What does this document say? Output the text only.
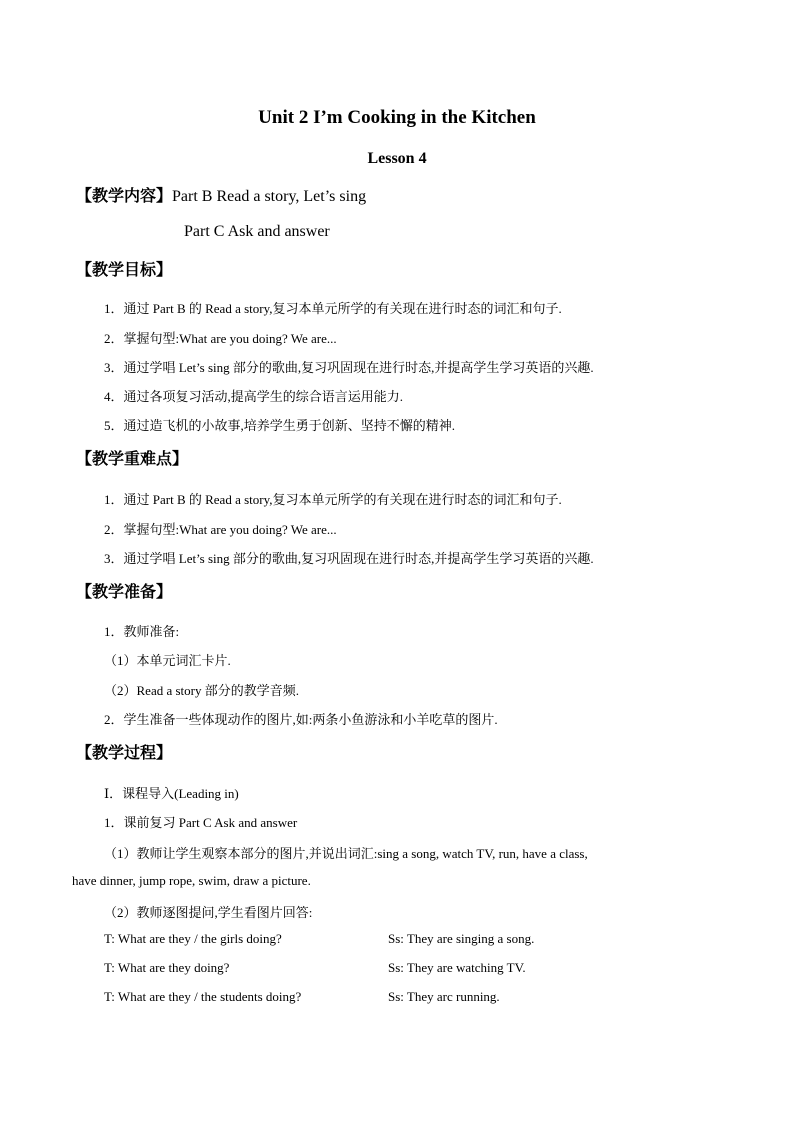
Unit 2 I’m Cooking in the Kitchen
Lesson 4
【教学内容】Part B Read a story, Let’s sing
Part C Ask and answer
【教学目标】
1．通过 Part B 的 Read a story,复习本单元所学的有关现在进行时态的词汇和句子.
2．掌握句型:What are you doing? We are...
3．通过学唱 Let’s sing 部分的歌曲,复习巩固现在进行时态,并提高学生学习英语的兴趣.
4．通过各项复习活动,提高学生的综合语言运用能力.
5．通过造飞机的小故事,培养学生勇于创新、坚持不懈的精神.
【教学重难点】
1．通过 Part B 的 Read a story,复习本单元所学的有关现在进行时态的词汇和句子.
2．掌握句型:What are you doing? We are...
3．通过学唱 Let’s sing 部分的歌曲,复习巩固现在进行时态,并提高学生学习英语的兴趣.
【教学准备】
1．教师准备:
（1）本单元词汇卡片.
（2）Read a story 部分的教学音频.
2．学生准备一些体现动作的图片,如:两条小鱼游泳和小羊吃草的图片.
【教学过程】
Ⅰ．课程导入(Leading in)
1．课前复习 Part C Ask and answer
（1）教师让学生观察本部分的图片,并说出词汇:sing a song, watch TV, run, have a class,
have dinner, jump rope, swim, draw a picture.
（2）教师逐图提问,学生看图片回答:
T: What are they / the girls doing?	Ss: They are singing a song.
T: What are they doing?	Ss: They are watching TV.
T: What are they / the students doing?	Ss: They arc running.
